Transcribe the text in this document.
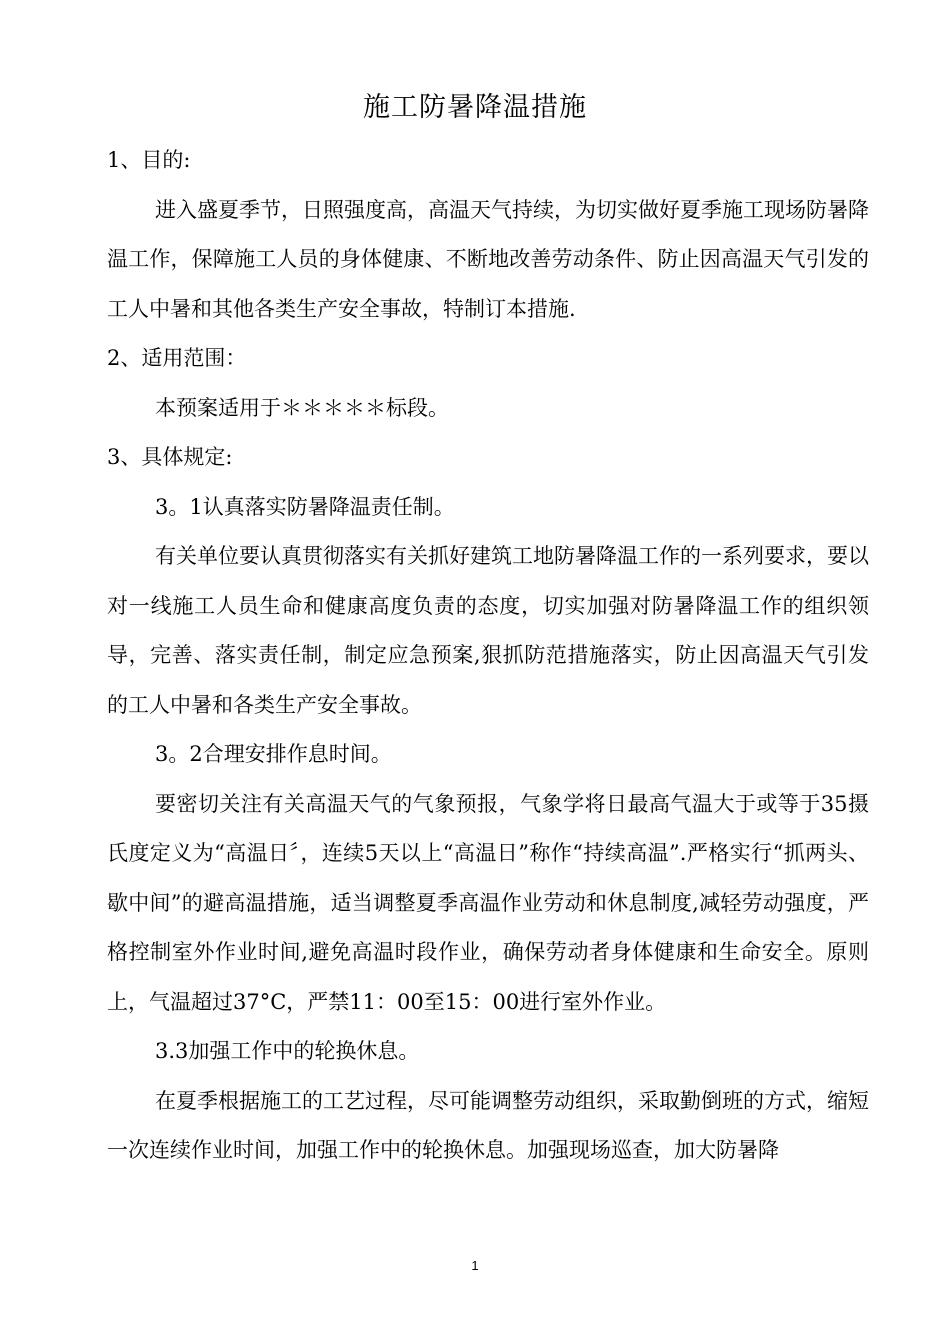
施工防暑降温措施

1、目的:

进入盛夏季节，日照强度高，高温天气持续，为切实做好夏季施工现场防暑降温工作，保障施工人员的身体健康、不断地改善劳动条件、防止因高温天气引发的工人中暑和其他各类生产安全事故，特制订本措施.

2、适用范围：

本预案适用于＊＊＊＊＊标段。

3、具体规定:

3。1认真落实防暑降温责任制。

有关单位要认真贯彻落实有关抓好建筑工地防暑降温工作的一系列要求，要以对一线施工人员生命和健康高度负责的态度，切实加强对防暑降温工作的组织领导，完善、落实责任制，制定应急预案,狠抓防范措施落实，防止因高温天气引发的工人中暑和各类生产安全事故。

3。2合理安排作息时间。

要密切关注有关高温天气的气象预报，气象学将日最高气温大于或等于35摄氏度定义为“高温日〞，连续5天以上“高温日”称作“持续高温”.严格实行“抓两头、歇中间”的避高温措施，适当调整夏季高温作业劳动和休息制度,减轻劳动强度，严格控制室外作业时间,避免高温时段作业，确保劳动者身体健康和生命安全。原则上，气温超过37°C，严禁11：00至15：00进行室外作业。

3.3加强工作中的轮换休息。

在夏季根据施工的工艺过程，尽可能调整劳动组织，采取勤倒班的方式，缩短一次连续作业时间，加强工作中的轮换休息。加强现场巡查，加大防暑降

1
